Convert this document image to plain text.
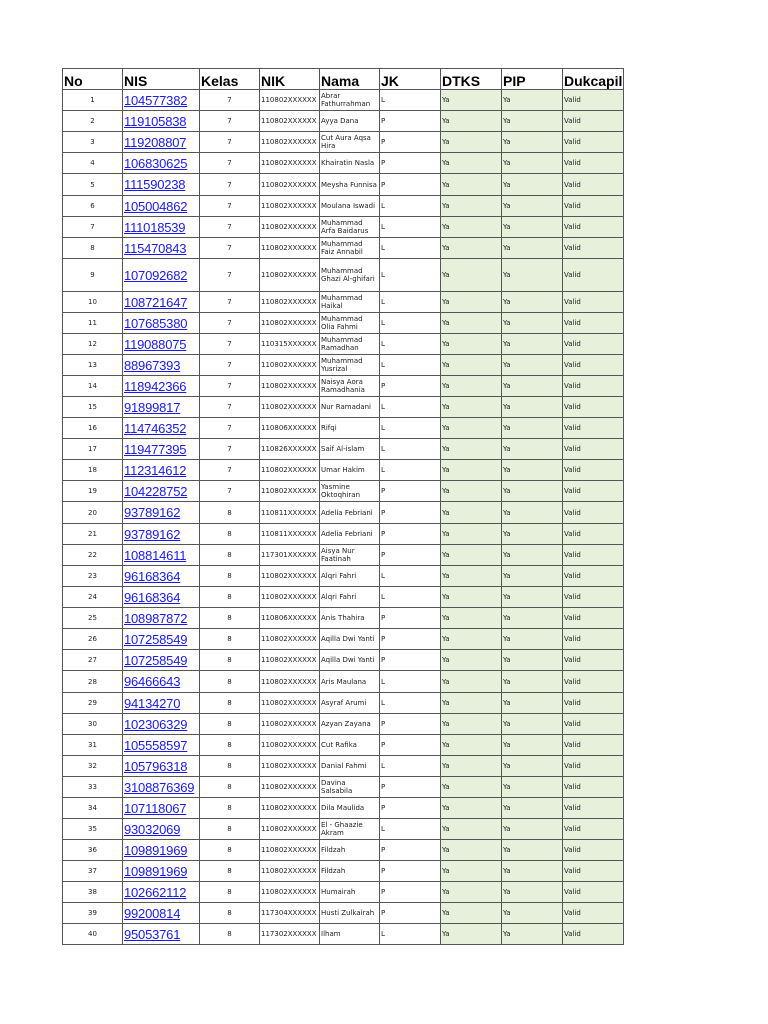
No	NIS	Kelas	NIK	Nama	JK	DTKS	PIP	Dukcapil
1	104577382	7	110802XXXXXX	Abrar Fathurrahman	L	Ya	Ya	Valid
2	119105838	7	110802XXXXXX	Ayya Dana	P	Ya	Ya	Valid
3	119208807	7	110802XXXXXX	Cut Aura Aqsa Hira	P	Ya	Ya	Valid
4	106830625	7	110802XXXXXX	Khairatin Nasla	P	Ya	Ya	Valid
5	111590238	7	110802XXXXXX	Meysha Funnisa	P	Ya	Ya	Valid
6	105004862	7	110802XXXXXX	Moulana Iswadi	L	Ya	Ya	Valid
7	111018539	7	110802XXXXXX	Muhammad Arfa Baidarus	L	Ya	Ya	Valid
8	115470843	7	110802XXXXXX	Muhammad Faiz Annabil	L	Ya	Ya	Valid
9	107092682	7	110802XXXXXX	Muhammad Ghazi Al-ghifari	L	Ya	Ya	Valid
10	108721647	7	110802XXXXXX	Muhammad Haikal	L	Ya	Ya	Valid
11	107685380	7	110802XXXXXX	Muhammad Olia Fahmi	L	Ya	Ya	Valid
12	119088075	7	110315XXXXXX	Muhammad Ramadhan	L	Ya	Ya	Valid
13	88967393	7	110802XXXXXX	Muhammad Yusrizal	L	Ya	Ya	Valid
14	118942366	7	110802XXXXXX	Naisya Aora Ramadhania	P	Ya	Ya	Valid
15	91899817	7	110802XXXXXX	Nur Ramadani	L	Ya	Ya	Valid
16	114746352	7	110806XXXXXX	Rifqi	L	Ya	Ya	Valid
17	119477395	7	110826XXXXXX	Saif Al-islam	L	Ya	Ya	Valid
18	112314612	7	110802XXXXXX	Umar Hakim	L	Ya	Ya	Valid
19	104228752	7	110802XXXXXX	Yasmine Oktoqhiran	P	Ya	Ya	Valid
20	93789162	8	110811XXXXXX	Adelia Febriani	P	Ya	Ya	Valid
21	93789162	8	110811XXXXXX	Adelia Febriani	P	Ya	Ya	Valid
22	108814611	8	117301XXXXXX	Aisya Nur Faatinah	P	Ya	Ya	Valid
23	96168364	8	110802XXXXXX	Alqri Fahri	L	Ya	Ya	Valid
24	96168364	8	110802XXXXXX	Alqri Fahri	L	Ya	Ya	Valid
25	108987872	8	110806XXXXXX	Anis Thahira	P	Ya	Ya	Valid
26	107258549	8	110802XXXXXX	Aqilla Dwi Yanti	P	Ya	Ya	Valid
27	107258549	8	110802XXXXXX	Aqilla Dwi Yanti	P	Ya	Ya	Valid
28	96466643	8	110802XXXXXX	Aris Maulana	L	Ya	Ya	Valid
29	94134270	8	110802XXXXXX	Asyraf Arumi	L	Ya	Ya	Valid
30	102306329	8	110802XXXXXX	Azyan Zayana	P	Ya	Ya	Valid
31	105558597	8	110802XXXXXX	Cut Rafika	P	Ya	Ya	Valid
32	105796318	8	110802XXXXXX	Danial Fahmi	L	Ya	Ya	Valid
33	3108876369	8	110802XXXXXX	Davina Salsabila	P	Ya	Ya	Valid
34	107118067	8	110802XXXXXX	Dila Maulida	P	Ya	Ya	Valid
35	93032069	8	110802XXXXXX	El - Ghaazie Akram	L	Ya	Ya	Valid
36	109891969	8	110802XXXXXX	Fildzah	P	Ya	Ya	Valid
37	109891969	8	110802XXXXXX	Fildzah	P	Ya	Ya	Valid
38	102662112	8	110802XXXXXX	Humairah	P	Ya	Ya	Valid
39	99200814	8	117304XXXXXX	Husti Zulkairah	P	Ya	Ya	Valid
40	95053761	8	117302XXXXXX	Ilham	L	Ya	Ya	Valid
